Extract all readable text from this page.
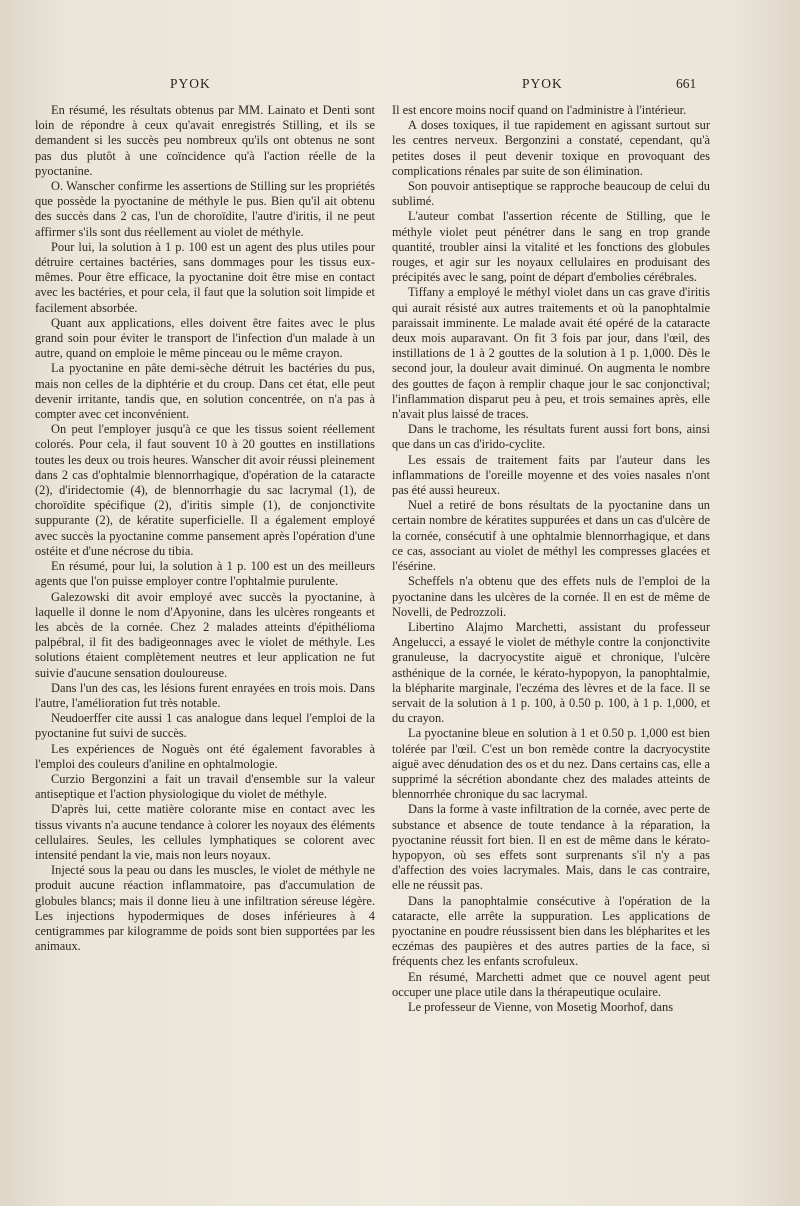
PYOK	PYOK	661

En résumé, les résultats obtenus par MM. Lainato et Denti sont loin de répondre à ceux qu'avait enregistrés Stilling, et ils se demandent si les succès peu nombreux qu'ils ont obtenus ne sont pas dus plutôt à une coïncidence qu'à l'action réelle de la pyoctanine.

O. Wanscher confirme les assertions de Stilling sur les propriétés que possède la pyoctanine de méthyle le pus. Bien qu'il ait obtenu des succès dans 2 cas, l'un de choroïdite, l'autre d'iritis, il ne peut affirmer s'ils sont dus réellement au violet de méthyle.

Pour lui, la solution à 1 p. 100 est un agent des plus utiles pour détruire certaines bactéries, sans dommages pour les tissus eux-mêmes. Pour être efficace, la pyoctanine doit être mise en contact avec les bactéries, et pour cela, il faut que la solution soit limpide et facilement absorbée.

Quant aux applications, elles doivent être faites avec le plus grand soin pour éviter le transport de l'infection d'un malade à un autre, quand on emploie le même pinceau ou le même crayon.

La pyoctanine en pâte demi-sèche détruit les bactéries du pus, mais non celles de la diphtérie et du croup. Dans cet état, elle peut devenir irritante, tandis que, en solution concentrée, on n'a pas à compter avec cet inconvénient.

On peut l'employer jusqu'à ce que les tissus soient réellement colorés. Pour cela, il faut souvent 10 à 20 gouttes en instillations toutes les deux ou trois heures. Wanscher dit avoir réussi pleinement dans 2 cas d'ophtalmie blennorrhagique, d'opération de la cataracte (2), d'iridectomie (4), de blennorrhagie du sac lacrymal (1), de choroïdite spécifique (2), d'iritis simple (1), de conjonctivite suppurante (2), de kératite superficielle. Il a également employé avec succès la pyoctanine comme pansement après l'opération d'une ostéite et d'une nécrose du tibia.

En résumé, pour lui, la solution à 1 p. 100 est un des meilleurs agents que l'on puisse employer contre l'ophtalmie purulente.

Galezowski dit avoir employé avec succès la pyoctanine, à laquelle il donne le nom d'Apyonine, dans les ulcères rongeants et les abcès de la cornée. Chez 2 malades atteints d'épithélioma palpébral, il fit des badigeonnages avec le violet de méthyle. Les solutions étaient complètement neutres et leur application ne fut suivie d'aucune sensation douloureuse.

Dans l'un des cas, les lésions furent enrayées en trois mois. Dans l'autre, l'amélioration fut très notable.

Neudoerffer cite aussi 1 cas analogue dans lequel l'emploi de la pyoctanine fut suivi de succès.

Les expériences de Noguès ont été également favorables à l'emploi des couleurs d'aniline en ophtalmologie.

Curzio Bergonzini a fait un travail d'ensemble sur la valeur antiseptique et l'action physiologique du violet de méthyle.

D'après lui, cette matière colorante mise en contact avec les tissus vivants n'a aucune tendance à colorer les noyaux des éléments cellulaires. Seules, les cellules lymphatiques se colorent avec intensité pendant la vie, mais non leurs noyaux.

Injecté sous la peau ou dans les muscles, le violet de méthyle ne produit aucune réaction inflammatoire, pas d'accumulation de globules blancs; mais il donne lieu à une infiltration séreuse légère. Les injections hypodermiques de doses inférieures à 4 centigrammes par kilogramme de poids sont bien supportées par les animaux.

Il est encore moins nocif quand on l'administre à l'intérieur.

A doses toxiques, il tue rapidement en agissant surtout sur les centres nerveux. Bergonzini a constaté, cependant, qu'à petites doses il peut devenir toxique en provoquant des complications rénales par suite de son élimination.

Son pouvoir antiseptique se rapproche beaucoup de celui du sublimé.

L'auteur combat l'assertion récente de Stilling, que le méthyle violet peut pénétrer dans le sang en trop grande quantité, troubler ainsi la vitalité et les fonctions des globules rouges, et agir sur les noyaux cellulaires en produisant des précipités avec le sang, point de départ d'embolies cérébrales.

Tiffany a employé le méthyl violet dans un cas grave d'iritis qui aurait résisté aux autres traitements et où la panophtalmie paraissait imminente. Le malade avait été opéré de la cataracte deux mois auparavant. On fit 3 fois par jour, dans l'œil, des instillations de 1 à 2 gouttes de la solution à 1 p. 1,000. Dès le second jour, la douleur avait diminué. On augmenta le nombre des gouttes de façon à remplir chaque jour le sac conjonctival; l'inflammation disparut peu à peu, et trois semaines après, elle n'avait plus laissé de traces.

Dans le trachome, les résultats furent aussi fort bons, ainsi que dans un cas d'irido-cyclite.

Les essais de traitement faits par l'auteur dans les inflammations de l'oreille moyenne et des voies nasales n'ont pas été aussi heureux.

Nuel a retiré de bons résultats de la pyoctanine dans un certain nombre de kératites suppurées et dans un cas d'ulcère de la cornée, consécutif à une ophtalmie blennorrhagique, et dans ce cas, associant au violet de méthyl les compresses glacées et l'ésérine.

Scheffels n'a obtenu que des effets nuls de l'emploi de la pyoctanine dans les ulcères de la cornée. Il en est de même de Novelli, de Pedrozzoli.

Libertino Alajmo Marchetti, assistant du professeur Angelucci, a essayé le violet de méthyle contre la conjonctivite granuleuse, la dacryocystite aiguë et chronique, l'ulcère asthénique de la cornée, le kérato-hypopyon, la panophtalmie, la blépharite marginale, l'eczéma des lèvres et de la face. Il se servait de la solution à 1 p. 100, à 0.50 p. 100, à 1 p. 1,000, et du crayon.

La pyoctanine bleue en solution à 1 et 0.50 p. 1,000 est bien tolérée par l'œil. C'est un bon remède contre la dacryocystite aiguë avec dénudation des os et du nez. Dans certains cas, elle a supprimé la sécrétion abondante chez des malades atteints de blennorrhée chronique du sac lacrymal.

Dans la forme à vaste infiltration de la cornée, avec perte de substance et absence de toute tendance à la réparation, la pyoctanine réussit fort bien. Il en est de même dans le kérato-hypopyon, où ses effets sont surprenants s'il n'y a pas d'affection des voies lacrymales. Mais, dans le cas contraire, elle ne réussit pas.

Dans la panophtalmie consécutive à l'opération de la cataracte, elle arrête la suppuration. Les applications de pyoctanine en poudre réussissent bien dans les blépharites et les eczémas des paupières et des autres parties de la face, si fréquents chez les enfants scrofuleux.

En résumé, Marchetti admet que ce nouvel agent peut occuper une place utile dans la thérapeutique oculaire.

Le professeur de Vienne, von Mosetig Moorhof, dans
